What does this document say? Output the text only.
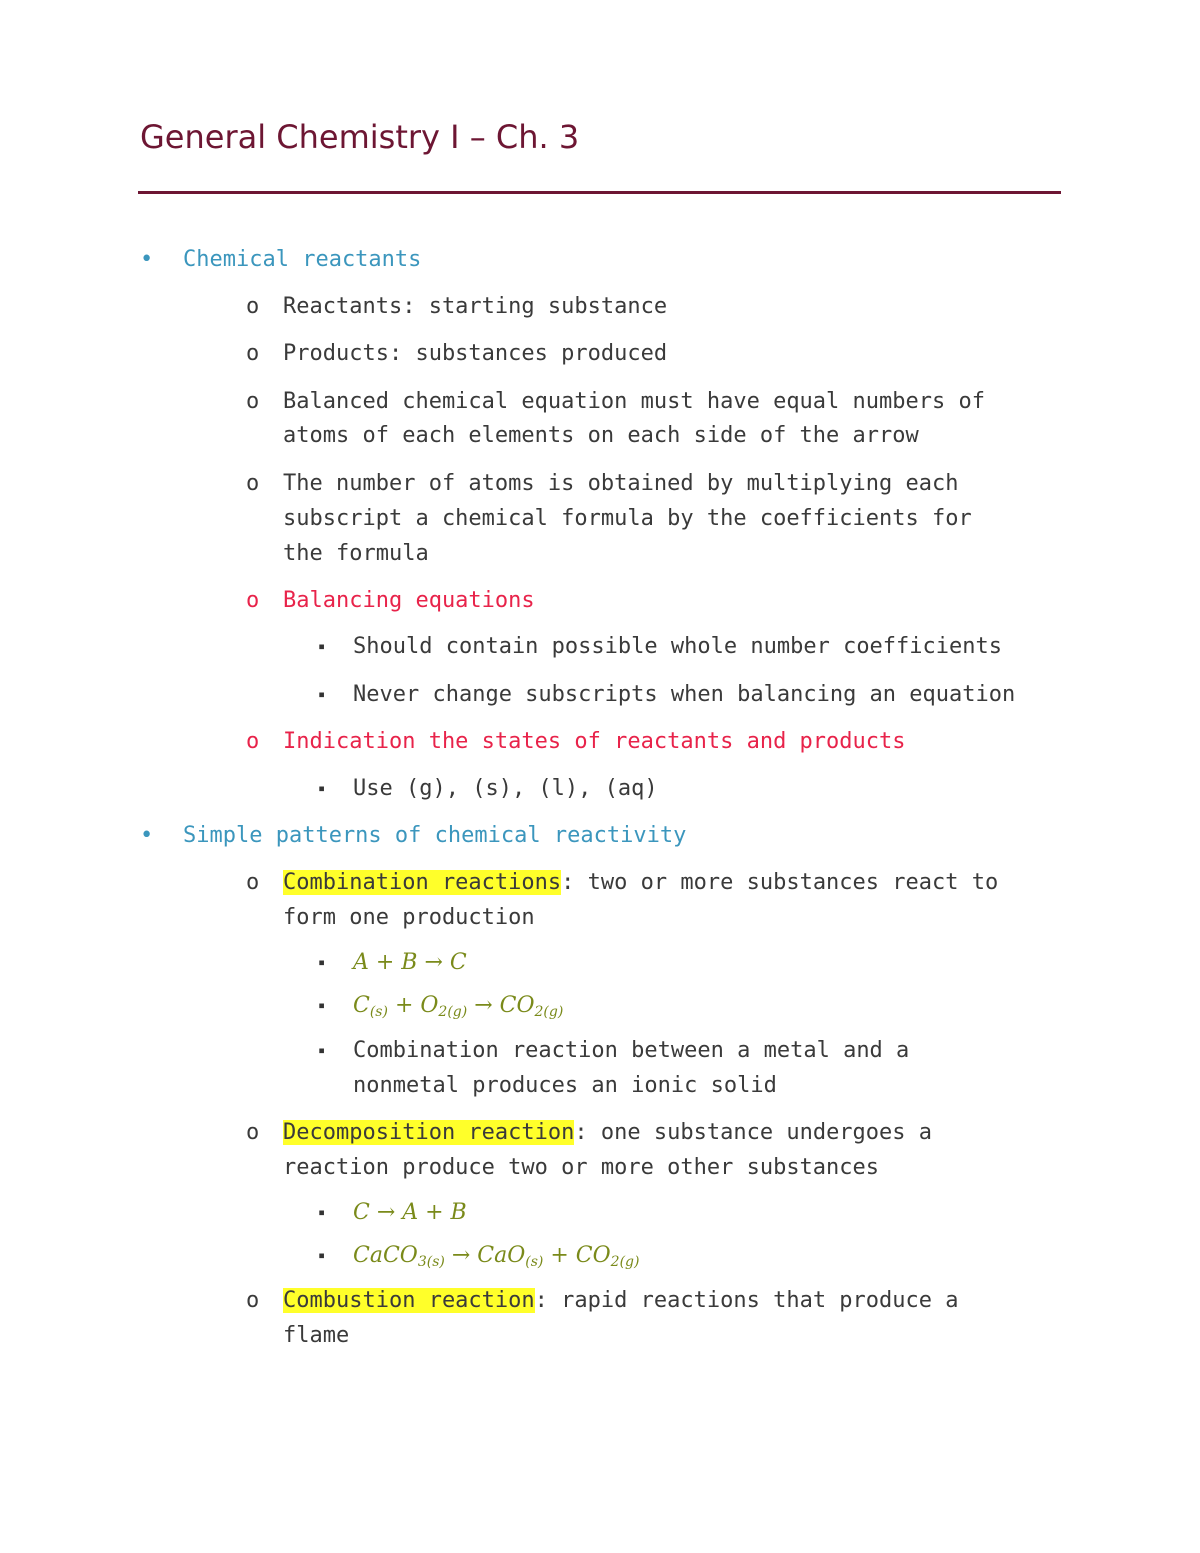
General Chemistry I – Ch. 3
• Chemical reactants
o Reactants: starting substance
o Products: substances produced
o Balanced chemical equation must have equal numbers of
atoms of each elements on each side of the arrow
o The number of atoms is obtained by multiplying each
subscript a chemical formula by the coefficients for
the formula
o Balancing equations
▪ Should contain possible whole number coefficients
▪ Never change subscripts when balancing an equation
o Indication the states of reactants and products
▪ Use (g), (s), (l), (aq)
• Simple patterns of chemical reactivity
o Combination reactions: two or more substances react to
form one production
▪ A + B → C
▪ $C_{(s)} + O_{2(g)} \to CO_{2(g)}$
▪ Combination reaction between a metal and a
nonmetal produces an ionic solid
o Decomposition reaction: one substance undergoes a
reaction produce two or more other substances
▪ C → A + B
▪ CaCO$_{3(s)}$ → $CaO_{(s)} + CO_{2(g)}$
o Combustion reaction: rapid reactions that produce a
flame
